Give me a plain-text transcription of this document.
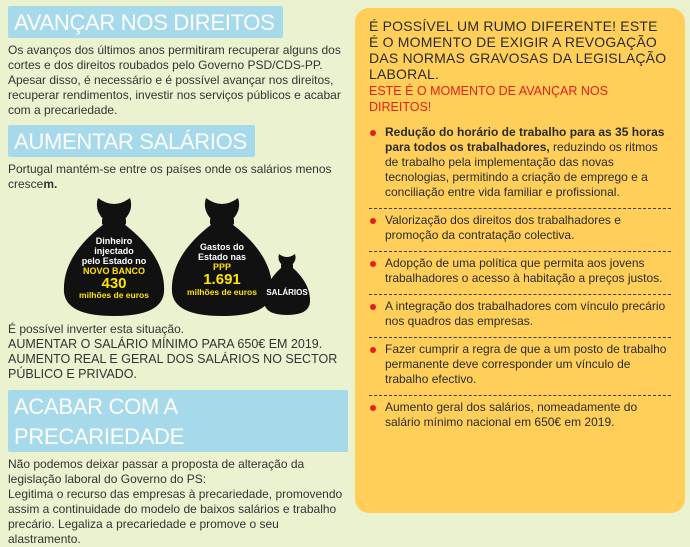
AVANÇAR NOS DIREITOS

Os avanços dos últimos anos permitiram recuperar alguns dos cortes e dos direitos roubados pelo Governo PSD/CDS-PP. Apesar disso, é necessário e é possível avançar nos direitos, recuperar rendimentos, investir nos serviços públicos e acabar com a precariedade.

AUMENTAR SALÁRIOS

Portugal mantém-se entre os países onde os salários menos crescem.

Dinheiro
injectado
pelo Estado no
NOVO BANCO
430
milhões de euros
Gastos do
Estado nas
PPP
1.691
milhões de euros	SALÁRIOS

É possível inverter esta situação.

AUMENTAR O SALÁRIO MÍNIMO PARA 650€ EM 2019.

AUMENTO REAL E GERAL DOS SALÁRIOS NO SECTOR PÚBLICO E PRIVADO.

ACABAR COM A PRECARIEDADE

Não podemos deixar passar a proposta de alteração da legislação laboral do Governo do PS:

Legitima o recurso das empresas à precariedade, promovendo assim a continuidade do modelo de baixos salários e trabalho precário. Legaliza a precariedade e promove o seu alastramento.

É POSSÍVEL UM RUMO DIFERENTE! ESTE É O MOMENTO DE EXIGIR A REVOGAÇÃO DAS NORMAS GRAVOSAS DA LEGISLAÇÃO LABORAL.

ESTE É O MOMENTO DE AVANÇAR NOS DIREITOS!

Redução do horário de trabalho para as 35 horas para todos os trabalhadores, reduzindo os ritmos de trabalho pela implementação das novas tecnologias, permitindo a criação de emprego e a conciliação entre vida familiar e profissional.
Valorização dos direitos dos trabalhadores e promoção da contratação colectiva.
Adopção de uma política que permita aos jovens trabalhadores o acesso à habitação a preços justos.
A integração dos trabalhadores com vínculo precário nos quadros das empresas.
Fazer cumprir a regra de que a um posto de trabalho permanente deve corresponder um vínculo de trabalho efectivo.
Aumento geral dos salários, nomeadamente do salário mínimo nacional em 650€ em 2019.
